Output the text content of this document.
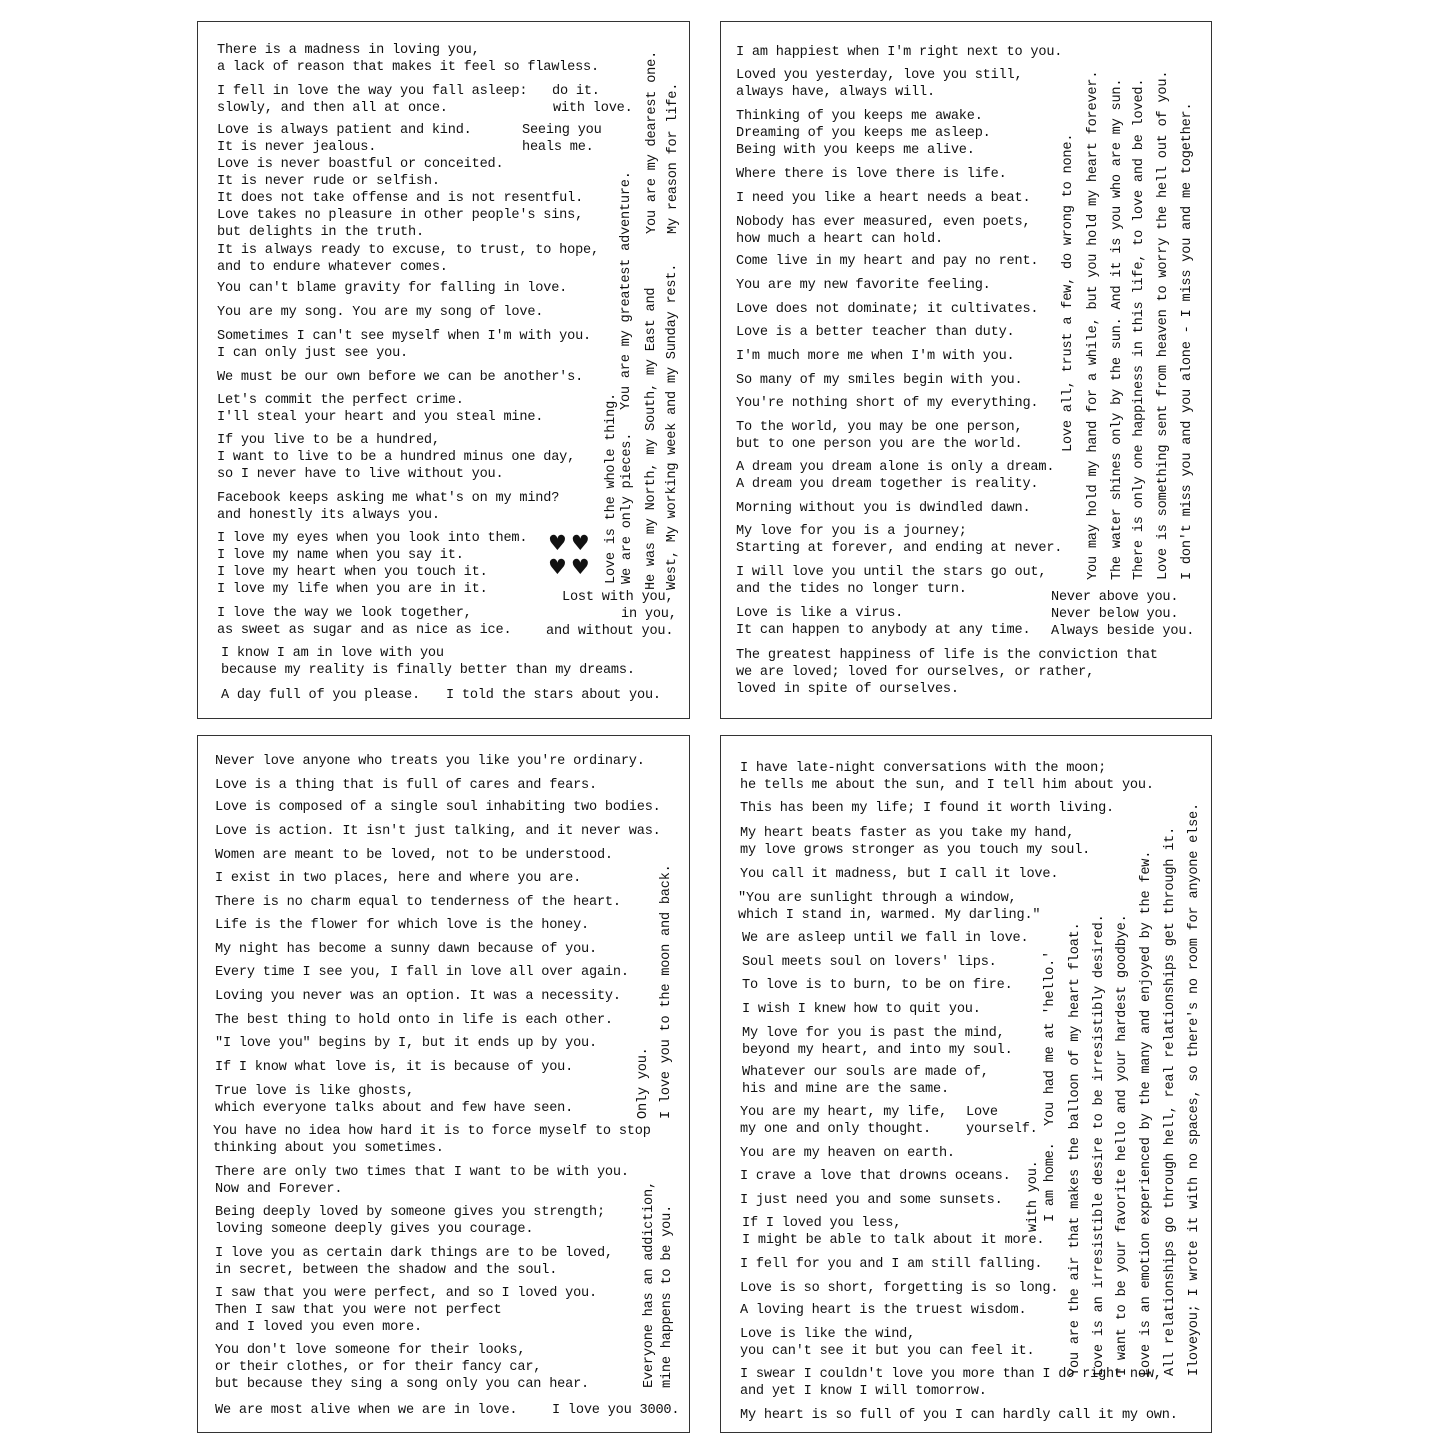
There is a madness in loving you,
a lack of reason that makes it feel so flawless.
I fell in love the way you fall asleep:
slowly, and then all at once.
do it.
with love.
Love is always patient and kind.
It is never jealous.
Love is never boastful or conceited.
It is never rude or selfish.
It does not take offense and is not resentful.
Love takes no pleasure in other people's sins,
but delights in the truth.
It is always ready to excuse, to trust, to hope,
and to endure whatever comes.
Seeing you
heals me.
You can't blame gravity for falling in love.
You are my song. You are my song of love.
Sometimes I can't see myself when I'm with you.
I can only just see you.
We must be our own before we can be another's.
Let's commit the perfect crime.
I'll steal your heart and you steal mine.
If you live to be a hundred,
I want to live to be a hundred minus one day,
so I never have to live without you.
Facebook keeps asking me what's on my mind?
and honestly its always you.
I love my eyes when you look into them.
I love my name when you say it.
I love my heart when you touch it.
I love my life when you are in it.
I love the way we look together,
as sweet as sugar and as nice as ice.
Lost with you,
in you,
and without you.
I know I am in love with you
because my reality is finally better than my dreams.
A day full of you please. I told the stars about you.
♥♥
♥♥
You are my greatest adventure.
Love is the whole thing. We are only pieces.
You are my dearest one.
He was my North, my South, my East and
My reason for life.
West, My working week and my Sunday rest.
I am happiest when I'm right next to you.
Loved you yesterday, love you still,
always have, always will.
Thinking of you keeps me awake.
Dreaming of you keeps me asleep.
Being with you keeps me alive.
Where there is love there is life.
I need you like a heart needs a beat.
Nobody has ever measured, even poets,
how much a heart can hold.
Come live in my heart and pay no rent.
You are my new favorite feeling.
Love does not dominate; it cultivates.
Love is a better teacher than duty.
I'm much more me when I'm with you.
So many of my smiles begin with you.
You're nothing short of my everything.
To the world, you may be one person,
but to one person you are the world.
A dream you dream alone is only a dream.
A dream you dream together is reality.
Morning without you is dwindled dawn.
My love for you is a journey;
Starting at forever, and ending at never.
I will love you until the stars go out,
and the tides no longer turn.
Love is like a virus.
It can happen to anybody at any time.
Never above you.
Never below you.
Always beside you.
The greatest happiness of life is the conviction that
we are loved; loved for ourselves, or rather,
loved in spite of ourselves.
Love all, trust a few, do wrong to none. You may hold my hand for a while, but you hold my heart forever. The water shines only by the sun. And it is you who are my sun. There is only one happiness in this life, to love and be loved. Love is something sent from heaven to worry the hell out of you. I don't miss you and you alone - I miss you and me together.
Never love anyone who treats you like you're ordinary.
Love is a thing that is full of cares and fears.
Love is composed of a single soul inhabiting two bodies.
Love is action. It isn't just talking, and it never was.
Women are meant to be loved, not to be understood.
I exist in two places, here and where you are.
There is no charm equal to tenderness of the heart.
Life is the flower for which love is the honey.
My night has become a sunny dawn because of you.
Every time I see you, I fall in love all over again.
Loving you never was an option. It was a necessity.
The best thing to hold onto in life is each other.
"I love you" begins by I, but it ends up by you.
If I know what love is, it is because of you.
True love is like ghosts,
which everyone talks about and few have seen.
You have no idea how hard it is to force myself to stop
thinking about you sometimes.
There are only two times that I want to be with you.
Now and Forever.
Being deeply loved by someone gives you strength;
loving someone deeply gives you courage.
I love you as certain dark things are to be loved,
in secret, between the shadow and the soul.
I saw that you were perfect, and so I loved you.
Then I saw that you were not perfect
and I loved you even more.
You don't love someone for their looks,
or their clothes, or for their fancy car,
but because they sing a song only you can hear.
We are most alive when we are in love.	I love you 3000.
Only you. I love you to the moon and back.
Everyone has an addiction, mine happens to be you.
I have late-night conversations with the moon;
he tells me about the sun, and I tell him about you.
This has been my life; I found it worth living.
My heart beats faster as you take my hand,
my love grows stronger as you touch my soul.
You call it madness, but I call it love.
"You are sunlight through a window,
which I stand in, warmed. My darling."
We are asleep until we fall in love.
Soul meets soul on lovers' lips.
To love is to burn, to be on fire.
I wish I knew how to quit you.
My love for you is past the mind,
beyond my heart, and into my soul.
Whatever our souls are made of,
his and mine are the same.
You are my heart, my life,
my one and only thought.
Love
yourself.
You are my heaven on earth.
I crave a love that drowns oceans.
I just need you and some sunsets.
If I loved you less,
I might be able to talk about it more.
I fell for you and I am still falling.
Love is so short, forgetting is so long.
A loving heart is the truest wisdom.
Love is like the wind,
you can't see it but you can feel it.
I swear I couldn't love you more than I do right now,
and yet I know I will tomorrow.
My heart is so full of you I can hardly call it my own.
with you. I am home.
You had me at 'hello.' You are the air that makes the balloon of my heart float. Love is an irresistible desire to be irresistibly desired. I want to be your favorite hello and your hardest goodbye. Love is an emotion experienced by the many and enjoyed by the few. All relationships go through hell, real relationships get through it. Iloveyou; I wrote it with no spaces, so there's no room for anyone else.
